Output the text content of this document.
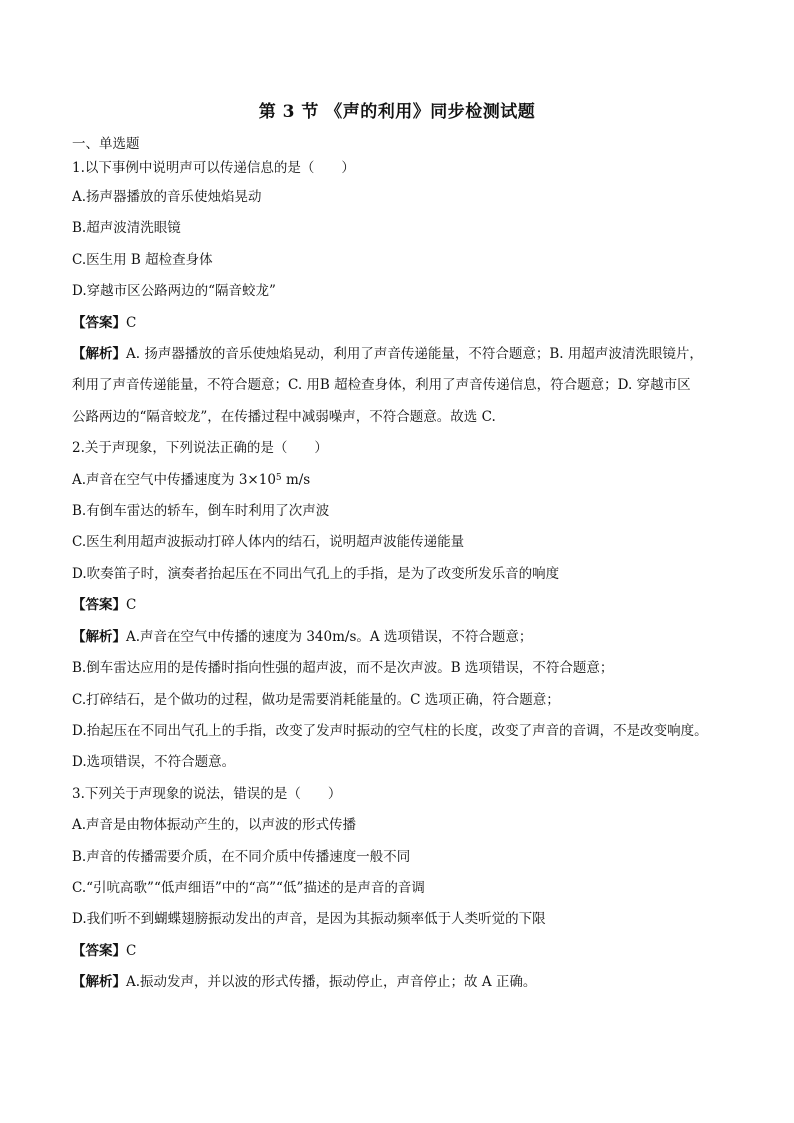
第 3 节 《声的利用》同步检测试题
一、单选题
1.以下事例中说明声可以传递信息的是（　　）
A.扬声器播放的音乐使烛焰晃动
B.超声波清洗眼镜
C.医生用 B 超检查身体
D.穿越市区公路两边的“隔音蛟龙”
【答案】C
【解析】A. 扬声器播放的音乐使烛焰晃动，利用了声音传递能量，不符合题意；B. 用超声波清洗眼镜片，
利用了声音传递能量，不符合题意；C. 用B 超检查身体，利用了声音传递信息，符合题意；D. 穿越市区
公路两边的“隔音蛟龙”，在传播过程中减弱噪声，不符合题意。故选 C.
2.关于声现象，下列说法正确的是（　　）
A.声音在空气中传播速度为 $3\times 10^5$ m/s
B.有倒车雷达的轿车，倒车时利用了次声波
C.医生利用超声波振动打碎人体内的结石，说明超声波能传递能量
D.吹奏笛子时，演奏者抬起压在不同出气孔上的手指，是为了改变所发乐音的响度
【答案】C
【解析】A.声音在空气中传播的速度为 340m/s。A 选项错误，不符合题意；
B.倒车雷达应用的是传播时指向性强的超声波，而不是次声波。B 选项错误，不符合题意；
C.打碎结石，是个做功的过程，做功是需要消耗能量的。C 选项正确，符合题意；
D.抬起压在不同出气孔上的手指，改变了发声时振动的空气柱的长度，改变了声音的音调，不是改变响度。
D.选项错误，不符合题意。
3.下列关于声现象的说法，错误的是（　　）
A.声音是由物体振动产生的，以声波的形式传播
B.声音的传播需要介质，在不同介质中传播速度一般不同
C.“引吭高歌”“低声细语”中的“高”“低”描述的是声音的音调
D.我们听不到蝴蝶翅膀振动发出的声音，是因为其振动频率低于人类听觉的下限
【答案】C
【解析】A.振动发声，并以波的形式传播，振动停止，声音停止；故 A 正确。
